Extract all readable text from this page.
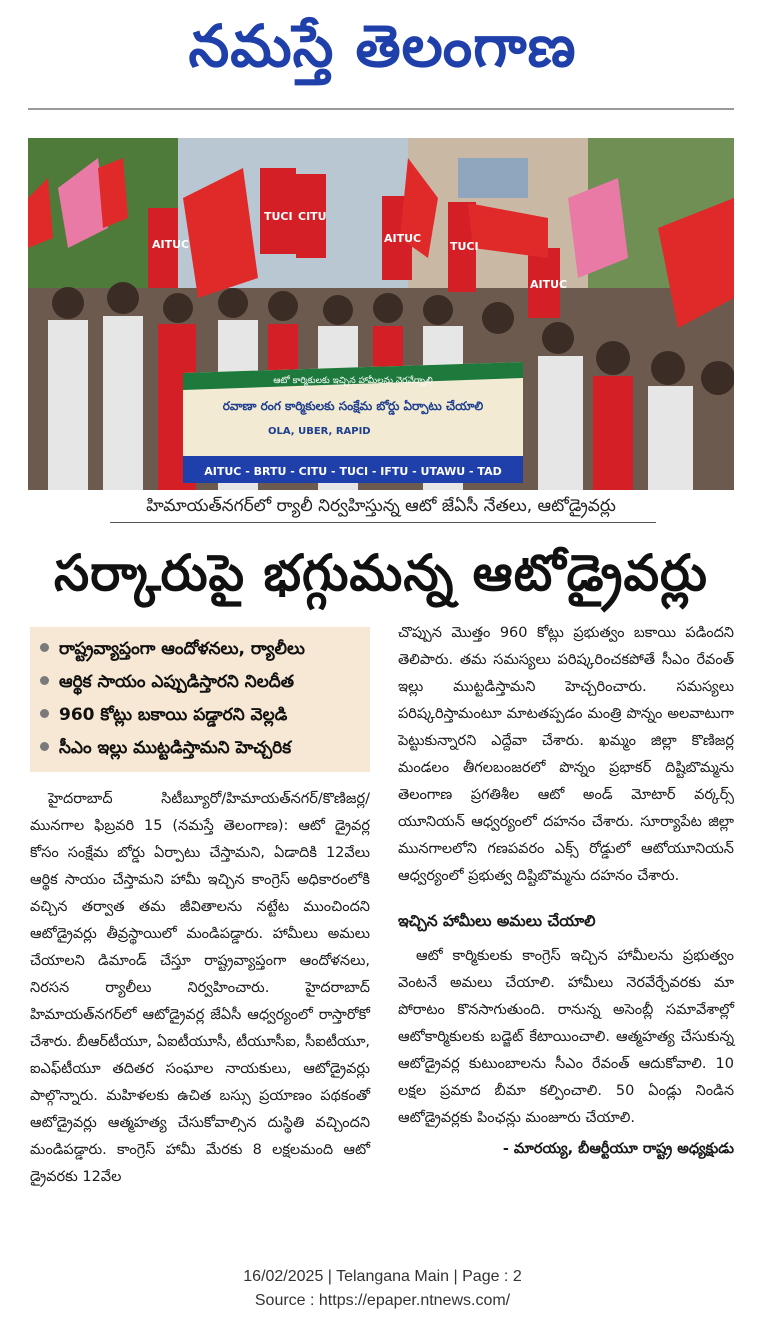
నమస్తే తెలంగాణ
AITUC
TUCI CITU
AITUC
TUCI
AITUC
ఆటో కార్మికులకు ఇచ్చిన హామీలను నెరవేర్చాలి
రవాణా రంగ కార్మికులకు సంక్షేమ బోర్డు ఏర్పాటు చేయాలి
OLA, UBER, RAPID
AITUC - BRTU - CITU - TUCI - IFTU - UTAWU - TAD
హిమాయత్‌నగర్‌లో ర్యాలీ నిర్వహిస్తున్న ఆటో జేఏసీ నేతలు, ఆటోడ్రైవర్లు
సర్కారుపై భగ్గుమన్న ఆటోడ్రైవర్లు
రాష్ట్రవ్యాప్తంగా ఆందోళనలు, ర్యాలీలు
ఆర్థిక సాయం ఎప్పుడిస్తారని నిలదీత
960 కోట్లు బకాయి పడ్డారని వెల్లడి
సీఎం ఇల్లు ముట్టడిస్తామని హెచ్చరిక

హైదరాబాద్ సిటీబ్యూరో/హిమాయత్‌నగర్/కొణిజర్ల/మునగాల ఫిబ్రవరి 15 (నమస్తే తెలంగాణ): ఆటో డ్రైవర్ల కోసం సంక్షేమ బోర్డు ఏర్పాటు చేస్తామని, ఏడాదికి 12వేలు ఆర్థిక సాయం చేస్తామని హామీ ఇచ్చిన కాంగ్రెస్ అధికారంలోకి వచ్చిన తర్వాత తమ జీవితాలను నట్టేట ముంచిందని ఆటోడ్రైవర్లు తీవ్రస్థాయిలో మండిపడ్డారు. హామీలు అమలు చేయాలని డిమాండ్ చేస్తూ రాష్ట్రవ్యాప్తంగా ఆందోళనలు, నిరసన ర్యాలీలు నిర్వహించారు. హైదరాబాద్ హిమాయత్‌నగర్‌లో ఆటోడ్రైవర్ల జేఏసీ ఆధ్వర్యంలో రాస్తారోకో చేశారు. బీఆర్‌టీయూ, ఏఐటీయూసీ, టీయూసీఐ, సీఐటీయూ, ఐఎఫ్‌టీయూ తదితర సంఘాల నాయకులు, ఆటోడ్రైవర్లు పాల్గొన్నారు. మహిళలకు ఉచిత బస్సు ప్రయాణం పథకంతో ఆటోడ్రైవర్లు ఆత్మహత్య చేసుకోవాల్సిన దుస్థితి వచ్చిందని మండిపడ్డారు. కాంగ్రెస్ హామీ మేరకు 8 లక్షలమంది ఆటో డ్రైవరకు 12వేల

చొప్పున మొత్తం 960 కోట్లు ప్రభుత్వం బకాయి పడిందని తెలిపారు. తమ సమస్యలు పరిష్కరించకపోతే సీఎం రేవంత్ ఇల్లు ముట్టడిస్తామని హెచ్చరించారు. సమస్యలు పరిష్కరిస్తామంటూ మాటతప్పడం మంత్రి పొన్నం అలవాటుగా పెట్టుకున్నారని ఎద్దేవా చేశారు. ఖమ్మం జిల్లా కొణిజర్ల మండలం తీగలబంజరలో పొన్నం ప్రభాకర్ దిష్టిబొమ్మను తెలంగాణ ప్రగతిశీల ఆటో అండ్ మోటార్ వర్కర్స్ యూనియన్ ఆధ్వర్యంలో దహనం చేశారు. సూర్యాపేట జిల్లా మునగాలలోని గణపవరం ఎక్స్ రోడ్డులో ఆటోయూనియన్ ఆధ్వర్యంలో ప్రభుత్వ దిష్టిబొమ్మను దహనం చేశారు.

ఇచ్చిన హామీలు అమలు చేయాలి

ఆటో కార్మికులకు కాంగ్రెస్ ఇచ్చిన హామీలను ప్రభుత్వం వెంటనే అమలు చేయాలి. హామీలు నెరవేర్చేవరకు మా పోరాటం కొనసాగుతుంది. రానున్న అసెంబ్లీ సమావేశాల్లో ఆటోకార్మికులకు బడ్జెట్ కేటాయించాలి. ఆత్మహత్య చేసుకున్న ఆటోడ్రైవర్ల కుటుంబాలను సీఎం రేవంత్ ఆదుకోవాలి. 10 లక్షల ప్రమాద బీమా కల్పించాలి. 50 ఏండ్లు నిండిన ఆటోడ్రైవర్లకు పింఛన్లు మంజూరు చేయాలి.

- మారయ్య, బీఆర్టీయూ రాష్ట్ర అధ్యక్షుడు

16/02/2025 | Telangana Main | Page : 2
Source : https://epaper.ntnews.com/
